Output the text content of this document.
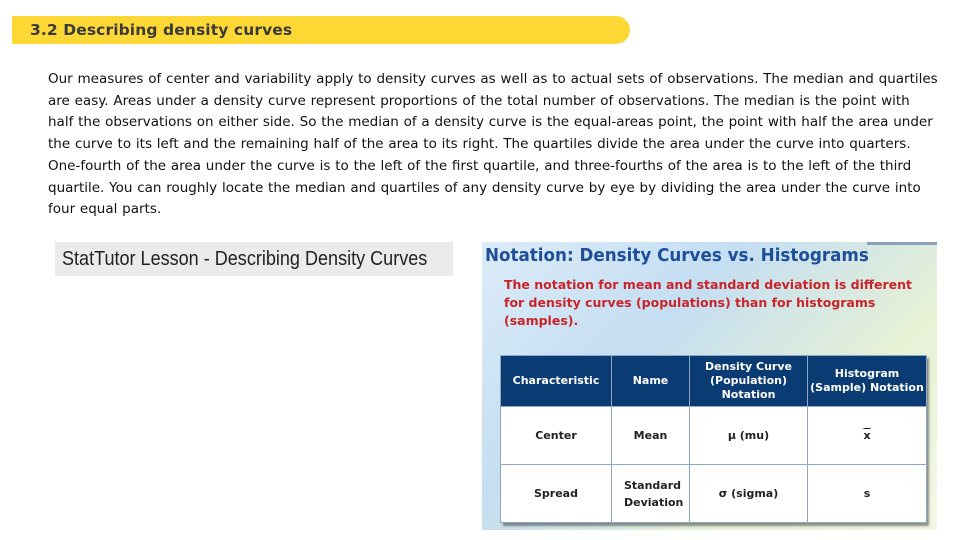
3.2 Describing density curves
Our measures of center and variability apply to density curves as well as to actual sets of observations. The median and quartiles are easy. Areas under a density curve represent proportions of the total number of observations. The median is the point with half the observations on either side. So the median of a density curve is the equal-areas point, the point with half the area under the curve to its left and the remaining half of the area to its right. The quartiles divide the area under the curve into quarters. One-fourth of the area under the curve is to the left of the first quartile, and three-fourths of the area is to the left of the third quartile. You can roughly locate the median and quartiles of any density curve by eye by dividing the area under the curve into four equal parts.
StatTutor Lesson - Describing Density Curves	Notation: Density Curves vs. Histograms
The notation for mean and standard deviation is different for density curves (populations) than for histograms (samples).
Characteristic	Name	Density Curve (Population) Notation	Histogram (Sample) Notation
Center	Mean	μ (mu)	$\overline{x}$
Spread	Standard Deviation	σ (sigma)	s
